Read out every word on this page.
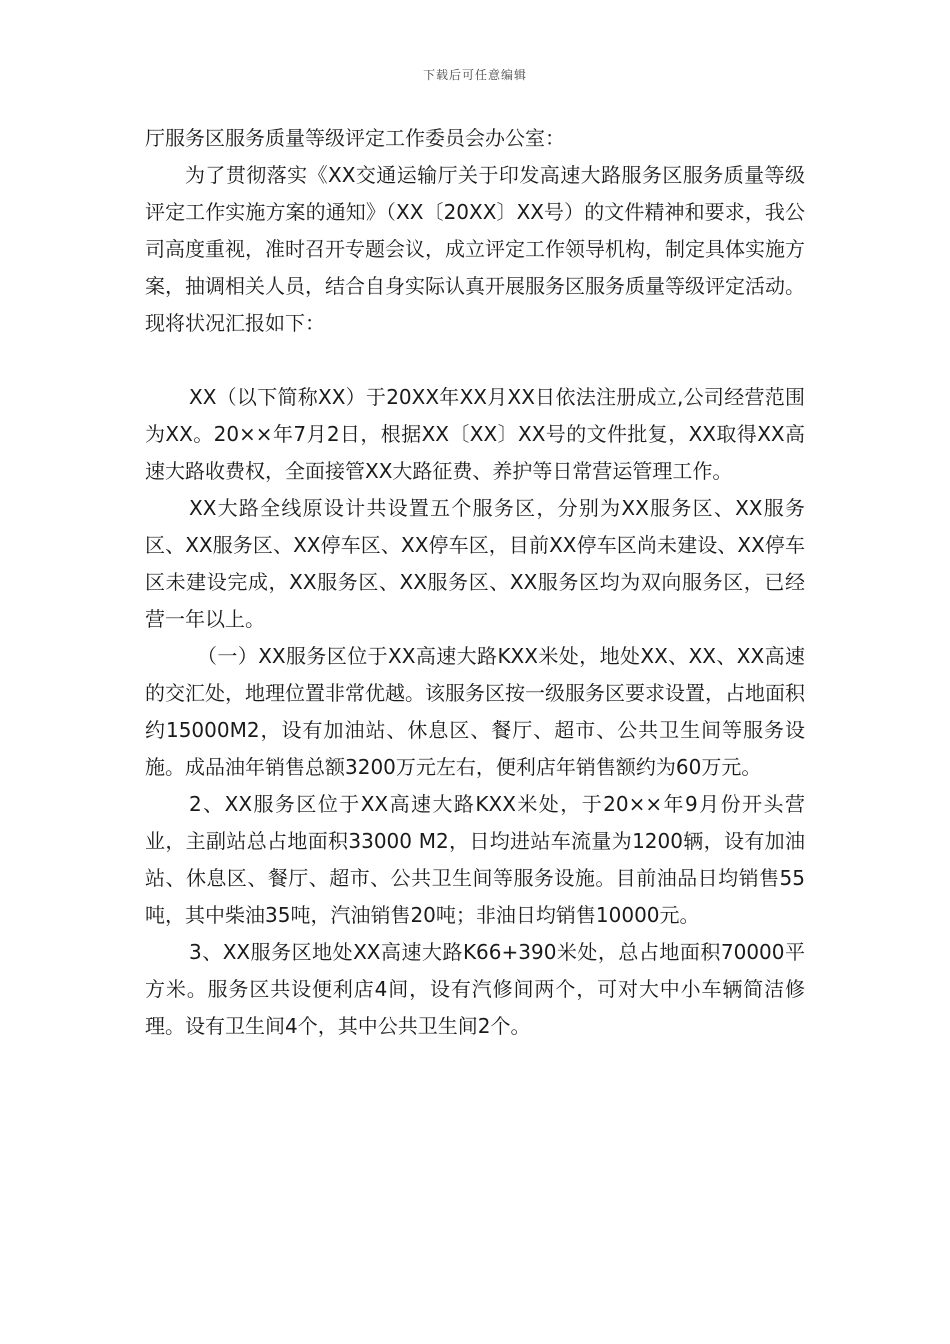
下载后可任意编辑

厅服务区服务质量等级评定工作委员会办公室：

为了贯彻落实《XX交通运输厅关于印发高速大路服务区服务质量等级评定工作实施方案的通知》（XX〔20XX〕XX号）的文件精神和要求，我公司高度重视，准时召开专题会议，成立评定工作领导机构，制定具体实施方案，抽调相关人员，结合自身实际认真开展服务区服务质量等级评定活动。现将状况汇报如下：

XX（以下简称XX）于20XX年XX月XX日依法注册成立,公司经营范围为XX。20××年7月2日，根据XX〔XX〕XX号的文件批复，XX取得XX高速大路收费权，全面接管XX大路征费、养护等日常营运管理工作。

XX大路全线原设计共设置五个服务区，分别为XX服务区、XX服务区、XX服务区、XX停车区、XX停车区，目前XX停车区尚未建设、XX停车区未建设完成，XX服务区、XX服务区、XX服务区均为双向服务区，已经营一年以上。

（一）XX服务区位于XX高速大路KXX米处，地处XX、XX、XX高速的交汇处，地理位置非常优越。该服务区按一级服务区要求设置，占地面积约15000M2，设有加油站、休息区、餐厅、超市、公共卫生间等服务设施。成品油年销售总额3200万元左右，便利店年销售额约为60万元。

2、XX服务区位于XX高速大路KXX米处，于20××年9月份开头营业，主副站总占地面积33000 M2，日均进站车流量为1200辆，设有加油站、休息区、餐厅、超市、公共卫生间等服务设施。目前油品日均销售55吨，其中柴油35吨，汽油销售20吨；非油日均销售10000元。

3、XX服务区地处XX高速大路K66+390米处，总占地面积70000平方米。服务区共设便利店4间，设有汽修间两个，可对大中小车辆简洁修理。设有卫生间4个，其中公共卫生间2个。
